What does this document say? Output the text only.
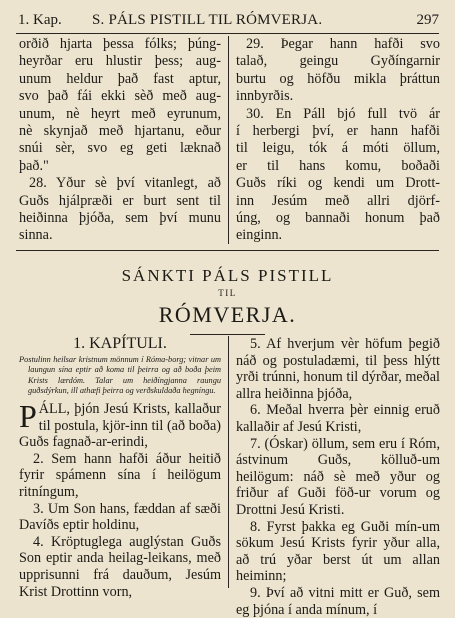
1. Kap. S. PÁLS PISTILL TIL RÓMVERJA.	297

orðið hjarta þessa fólks; þúng-

heyrðar eru hlustir þess; aug-

unum heldur það fast aptur,

svo það fái ekki sèð með aug-

unum, nè heyrt með eyrunum,

nè skynjað með hjartanu, eður

snúi sèr, svo eg geti læknað

það."

28. Yður sè því vitanlegt, að

Guðs hjálpræði er burt sent til

heiðinna þjóða, sem því munu

sinna.

29. Þegar hann hafði svo

talað, geingu Gyðíngarnir

burtu og höfðu mikla þráttun

innbyrðis.

30. En Páll bjó full tvö ár

í herbergi því, er hann hafði

til leigu, tók á móti öllum,

er til hans komu, boðaði

Guðs ríki og kendi um Drott-

inn Jesúm með allri djörf-

úng, og bannaði honum það

einginn.

SÁNKTI PÁLS PISTILL
TIL
RÓMVERJA.

1. KAPÍTULI.

Postulinn heilsar kristnum mönnum í Róma-borg; vitnar um laungun sína eptir að koma til þeirra og að boða þeim Krists lærdóm. Talar um heiðíngjanna raungu guðsdýrkun, ill athæfi þeirra og verðskuldaða hegníngu.

PÁLL, þjón Jesú Krists, kallaður til postula, kjör-inn til (að boða) Guðs fagnað-ar-erindi,

2. Sem hann hafði áður heitið fyrir spámenn sína í heilögum ritníngum,

3. Um Son hans, fæddan af sæði Davíðs eptir holdinu,

4. Kröptuglega auglýstan Guðs Son eptir anda heilag-leikans, með upprisunni frá dauðum, Jesúm Krist Drottinn vorn,

5. Af hverjum vèr höfum þegið náð og postuladæmi, til þess hlýtt yrði trúnni, honum til dýrðar, meðal allra heiðinna þjóða,

6. Meðal hverra þèr einnig eruð kallaðir af Jesú Kristi,

7. (Óskar) öllum, sem eru í Róm, ástvinum Guðs, kölluð-um heilögum: náð sè með yður og friður af Guði föð-ur vorum og Drottni Jesú Kristi.

8. Fyrst þakka eg Guði mín-um sökum Jesú Krists fyrir yður alla, að trú yðar berst út um allan heiminn;

9. Því að vitni mitt er Guð, sem eg þjóna í anda mínum, í
